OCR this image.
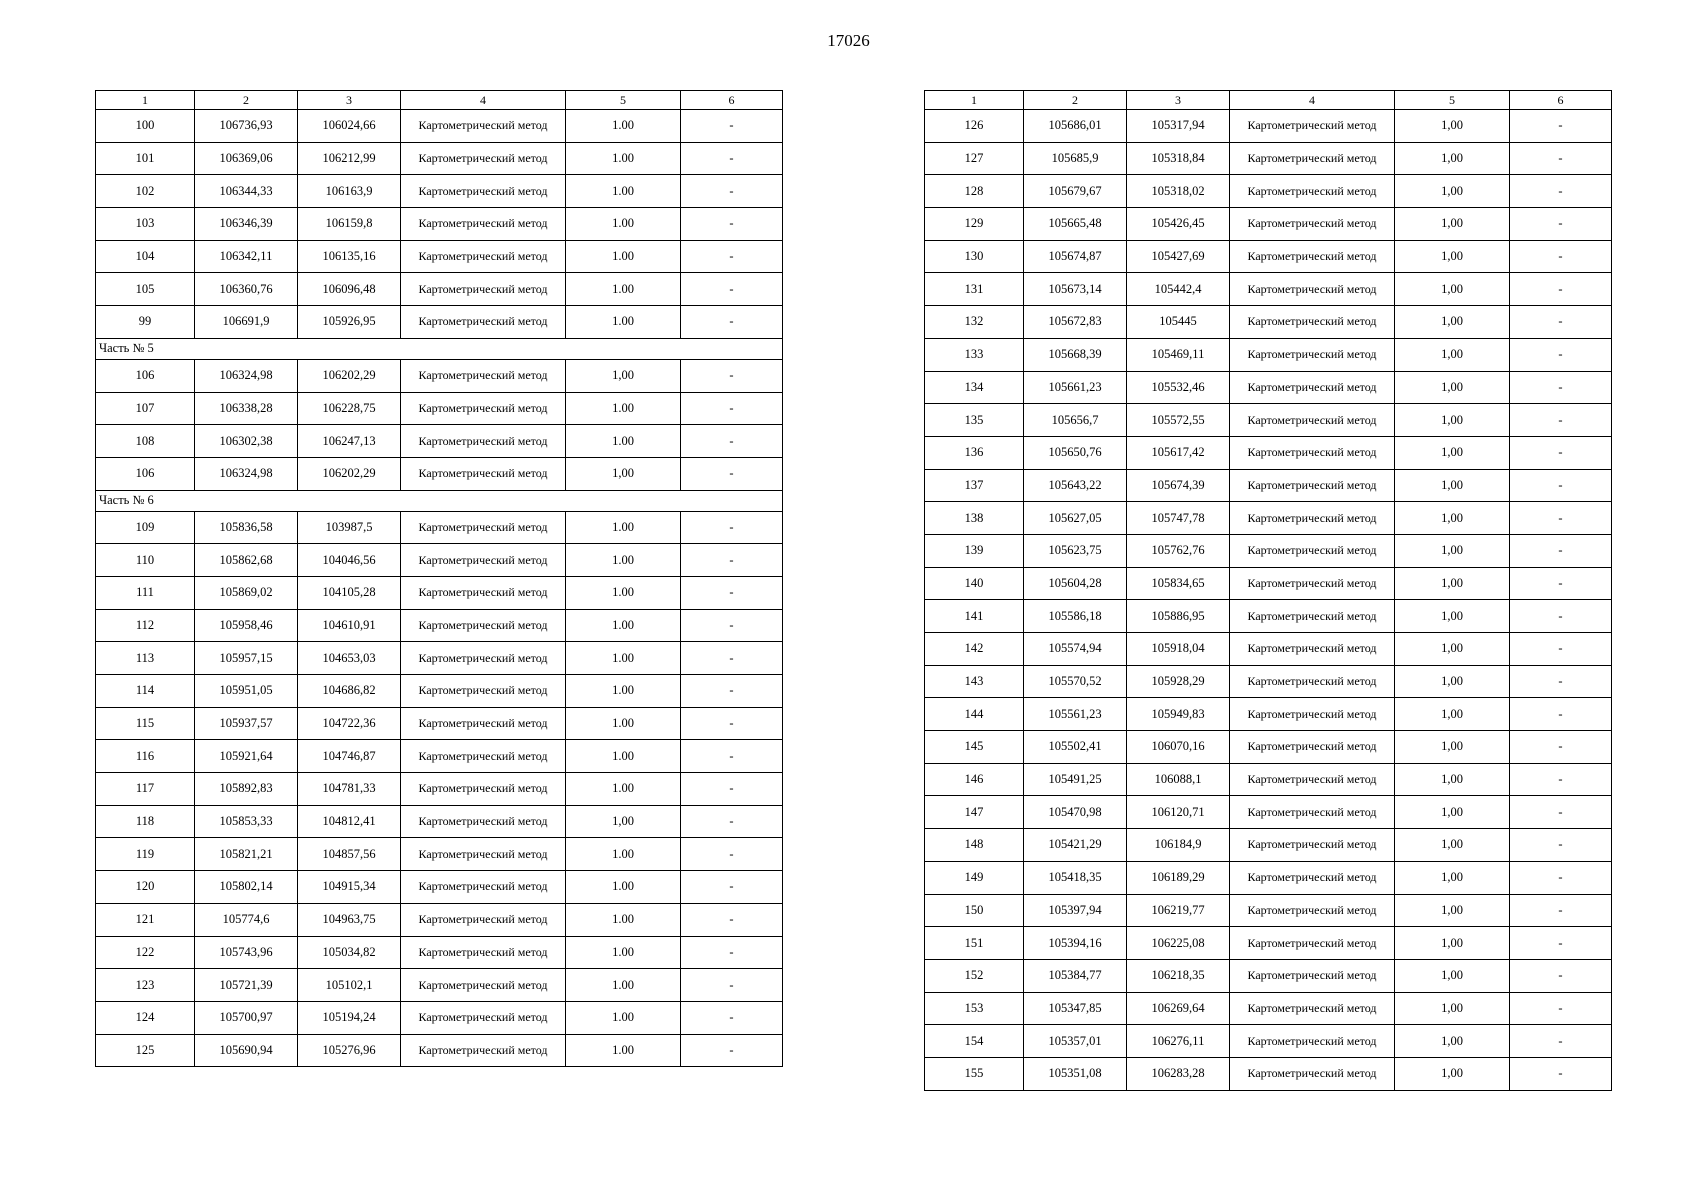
17026
1	2	3	4	5	6
100	106736,93	106024,66	Картометрический метод	1.00	-
101	106369,06	106212,99	Картометрический метод	1.00	-
102	106344,33	106163,9	Картометрический метод	1.00	-
103	106346,39	106159,8	Картометрический метод	1.00	-
104	106342,11	106135,16	Картометрический метод	1.00	-
105	106360,76	106096,48	Картометрический метод	1.00	-
99	106691,9	105926,95	Картометрический метод	1.00	-
Часть № 5					
106	106324,98	106202,29	Картометрический метод	1,00	-
107	106338,28	106228,75	Картометрический метод	1.00	-
108	106302,38	106247,13	Картометрический метод	1.00	-
106	106324,98	106202,29	Картометрический метод	1,00	-
Часть № 6					
109	105836,58	103987,5	Картометрический метод	1.00	-
110	105862,68	104046,56	Картометрический метод	1.00	-
111	105869,02	104105,28	Картометрический метод	1.00	-
112	105958,46	104610,91	Картометрический метод	1.00	-
113	105957,15	104653,03	Картометрический метод	1.00	-
114	105951,05	104686,82	Картометрический метод	1.00	-
115	105937,57	104722,36	Картометрический метод	1.00	-
116	105921,64	104746,87	Картометрический метод	1.00	-
117	105892,83	104781,33	Картометрический метод	1.00	-
118	105853,33	104812,41	Картометрический метод	1,00	-
119	105821,21	104857,56	Картометрический метод	1.00	-
120	105802,14	104915,34	Картометрический метод	1.00	-
121	105774,6	104963,75	Картометрический метод	1.00	-
122	105743,96	105034,82	Картометрический метод	1.00	-
123	105721,39	105102,1	Картометрический метод	1.00	-
124	105700,97	105194,24	Картометрический метод	1.00	-
125	105690,94	105276,96	Картометрический метод	1.00	-
1	2	3	4	5	6
126	105686,01	105317,94	Картометрический метод	1,00	-
127	105685,9	105318,84	Картометрический метод	1,00	-
128	105679,67	105318,02	Картометрический метод	1,00	-
129	105665,48	105426,45	Картометрический метод	1,00	-
130	105674,87	105427,69	Картометрический метод	1,00	-
131	105673,14	105442,4	Картометрический метод	1,00	-
132	105672,83	105445	Картометрический метод	1,00	-
133	105668,39	105469,11	Картометрический метод	1,00	-
134	105661,23	105532,46	Картометрический метод	1,00	-
135	105656,7	105572,55	Картометрический метод	1,00	-
136	105650,76	105617,42	Картометрический метод	1,00	-
137	105643,22	105674,39	Картометрический метод	1,00	-
138	105627,05	105747,78	Картометрический метод	1,00	-
139	105623,75	105762,76	Картометрический метод	1,00	-
140	105604,28	105834,65	Картометрический метод	1,00	-
141	105586,18	105886,95	Картометрический метод	1,00	-
142	105574,94	105918,04	Картометрический метод	1,00	-
143	105570,52	105928,29	Картометрический метод	1,00	-
144	105561,23	105949,83	Картометрический метод	1,00	-
145	105502,41	106070,16	Картометрический метод	1,00	-
146	105491,25	106088,1	Картометрический метод	1,00	-
147	105470,98	106120,71	Картометрический метод	1,00	-
148	105421,29	106184,9	Картометрический метод	1,00	-
149	105418,35	106189,29	Картометрический метод	1,00	-
150	105397,94	106219,77	Картометрический метод	1,00	-
151	105394,16	106225,08	Картометрический метод	1,00	-
152	105384,77	106218,35	Картометрический метод	1,00	-
153	105347,85	106269,64	Картометрический метод	1,00	-
154	105357,01	106276,11	Картометрический метод	1,00	-
155	105351,08	106283,28	Картометрический метод	1,00	-
